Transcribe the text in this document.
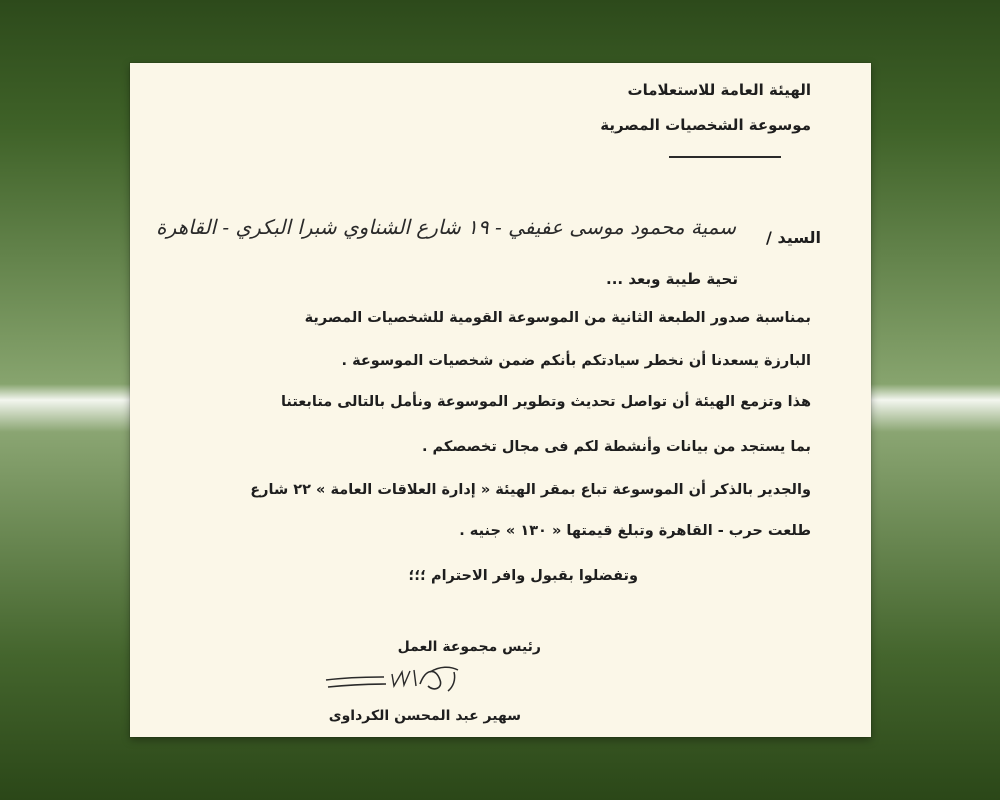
الهيئة العامة للاستعلامات
موسوعة الشخصيات المصرية
السيد /
سمية محمود موسى عفيفي - ١٩ شارع الشناوي شبرا البكري - القاهرة
تحية طيبة وبعد ...
بمناسبة صدور الطبعة الثانية من الموسوعة القومية للشخصيات المصرية
البارزة يسعدنا أن نخطر سيادتكم بأنكم ضمن شخصيات الموسوعة .
هذا وتزمع الهيئة أن تواصل تحديث وتطوير الموسوعة ونأمل بالتالى متابعتنا
بما يستجد من بيانات وأنشطة لكم فى مجال تخصصكم .
والجدير بالذكر أن الموسوعة تباع بمقر الهيئة « إدارة العلاقات العامة » ٢٢ شارع
طلعت حرب - القاهرة وتبلغ قيمتها « ١٣٠ » جنيه .
وتفضلوا بقبول وافر الاحترام ؛؛؛
رئيس مجموعة العمل
سهير عبد المحسن الكرداوى
